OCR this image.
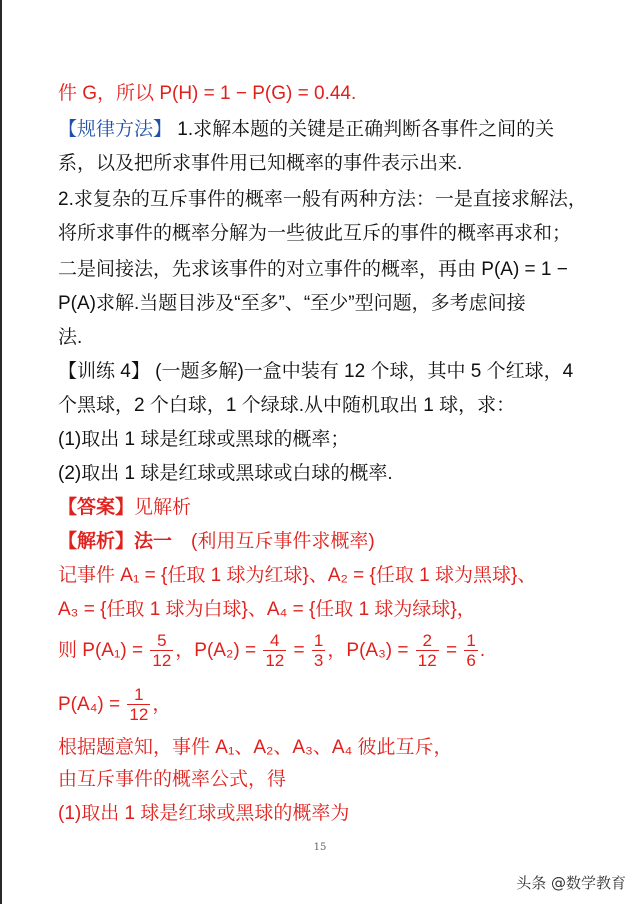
件 G，所以 P(H) = 1 − P(G) = 0.44.
【规律方法】 1.求解本题的关键是正确判断各事件之间的关
系，以及把所求事件用已知概率的事件表示出来.
2.求复杂的互斥事件的概率一般有两种方法：一是直接求解法，
将所求事件的概率分解为一些彼此互斥的事件的概率再求和；
二是间接法，先求该事件的对立事件的概率，再由 P(A) = 1 −
P(A)求解.当题目涉及“至多”、“至少”型问题，多考虑间接
法.
【训练 4】 (一题多解)一盒中装有 12 个球，其中 5 个红球，4
个黑球，2 个白球，1 个绿球.从中随机取出 1 球，求：
(1)取出 1 球是红球或黑球的概率；
(2)取出 1 球是红球或黑球或白球的概率.
【答案】见解析
【解析】法一　(利用互斥事件求概率)
记事件 A₁ = {任取 1 球为红球}、A₂ = {任取 1 球为黑球}、
A₃ = {任取 1 球为白球}、A₄ = {任取 1 球为绿球}，
则 $P(A_1) = \frac{5}{12}$ ，$P(A_2) = \frac{4}{12} = \frac{1}{3}$ ，$P(A_3) = \frac{2}{12} = \frac{1}{6}$ .
$P(A_4) = \frac{1}{12}$ ，
根据题意知，事件 A₁、A₂、A₃、A₄ 彼此互斥，
由互斥事件的概率公式，得
(1)取出 1 球是红球或黑球的概率为
15
头条 @数学教育
